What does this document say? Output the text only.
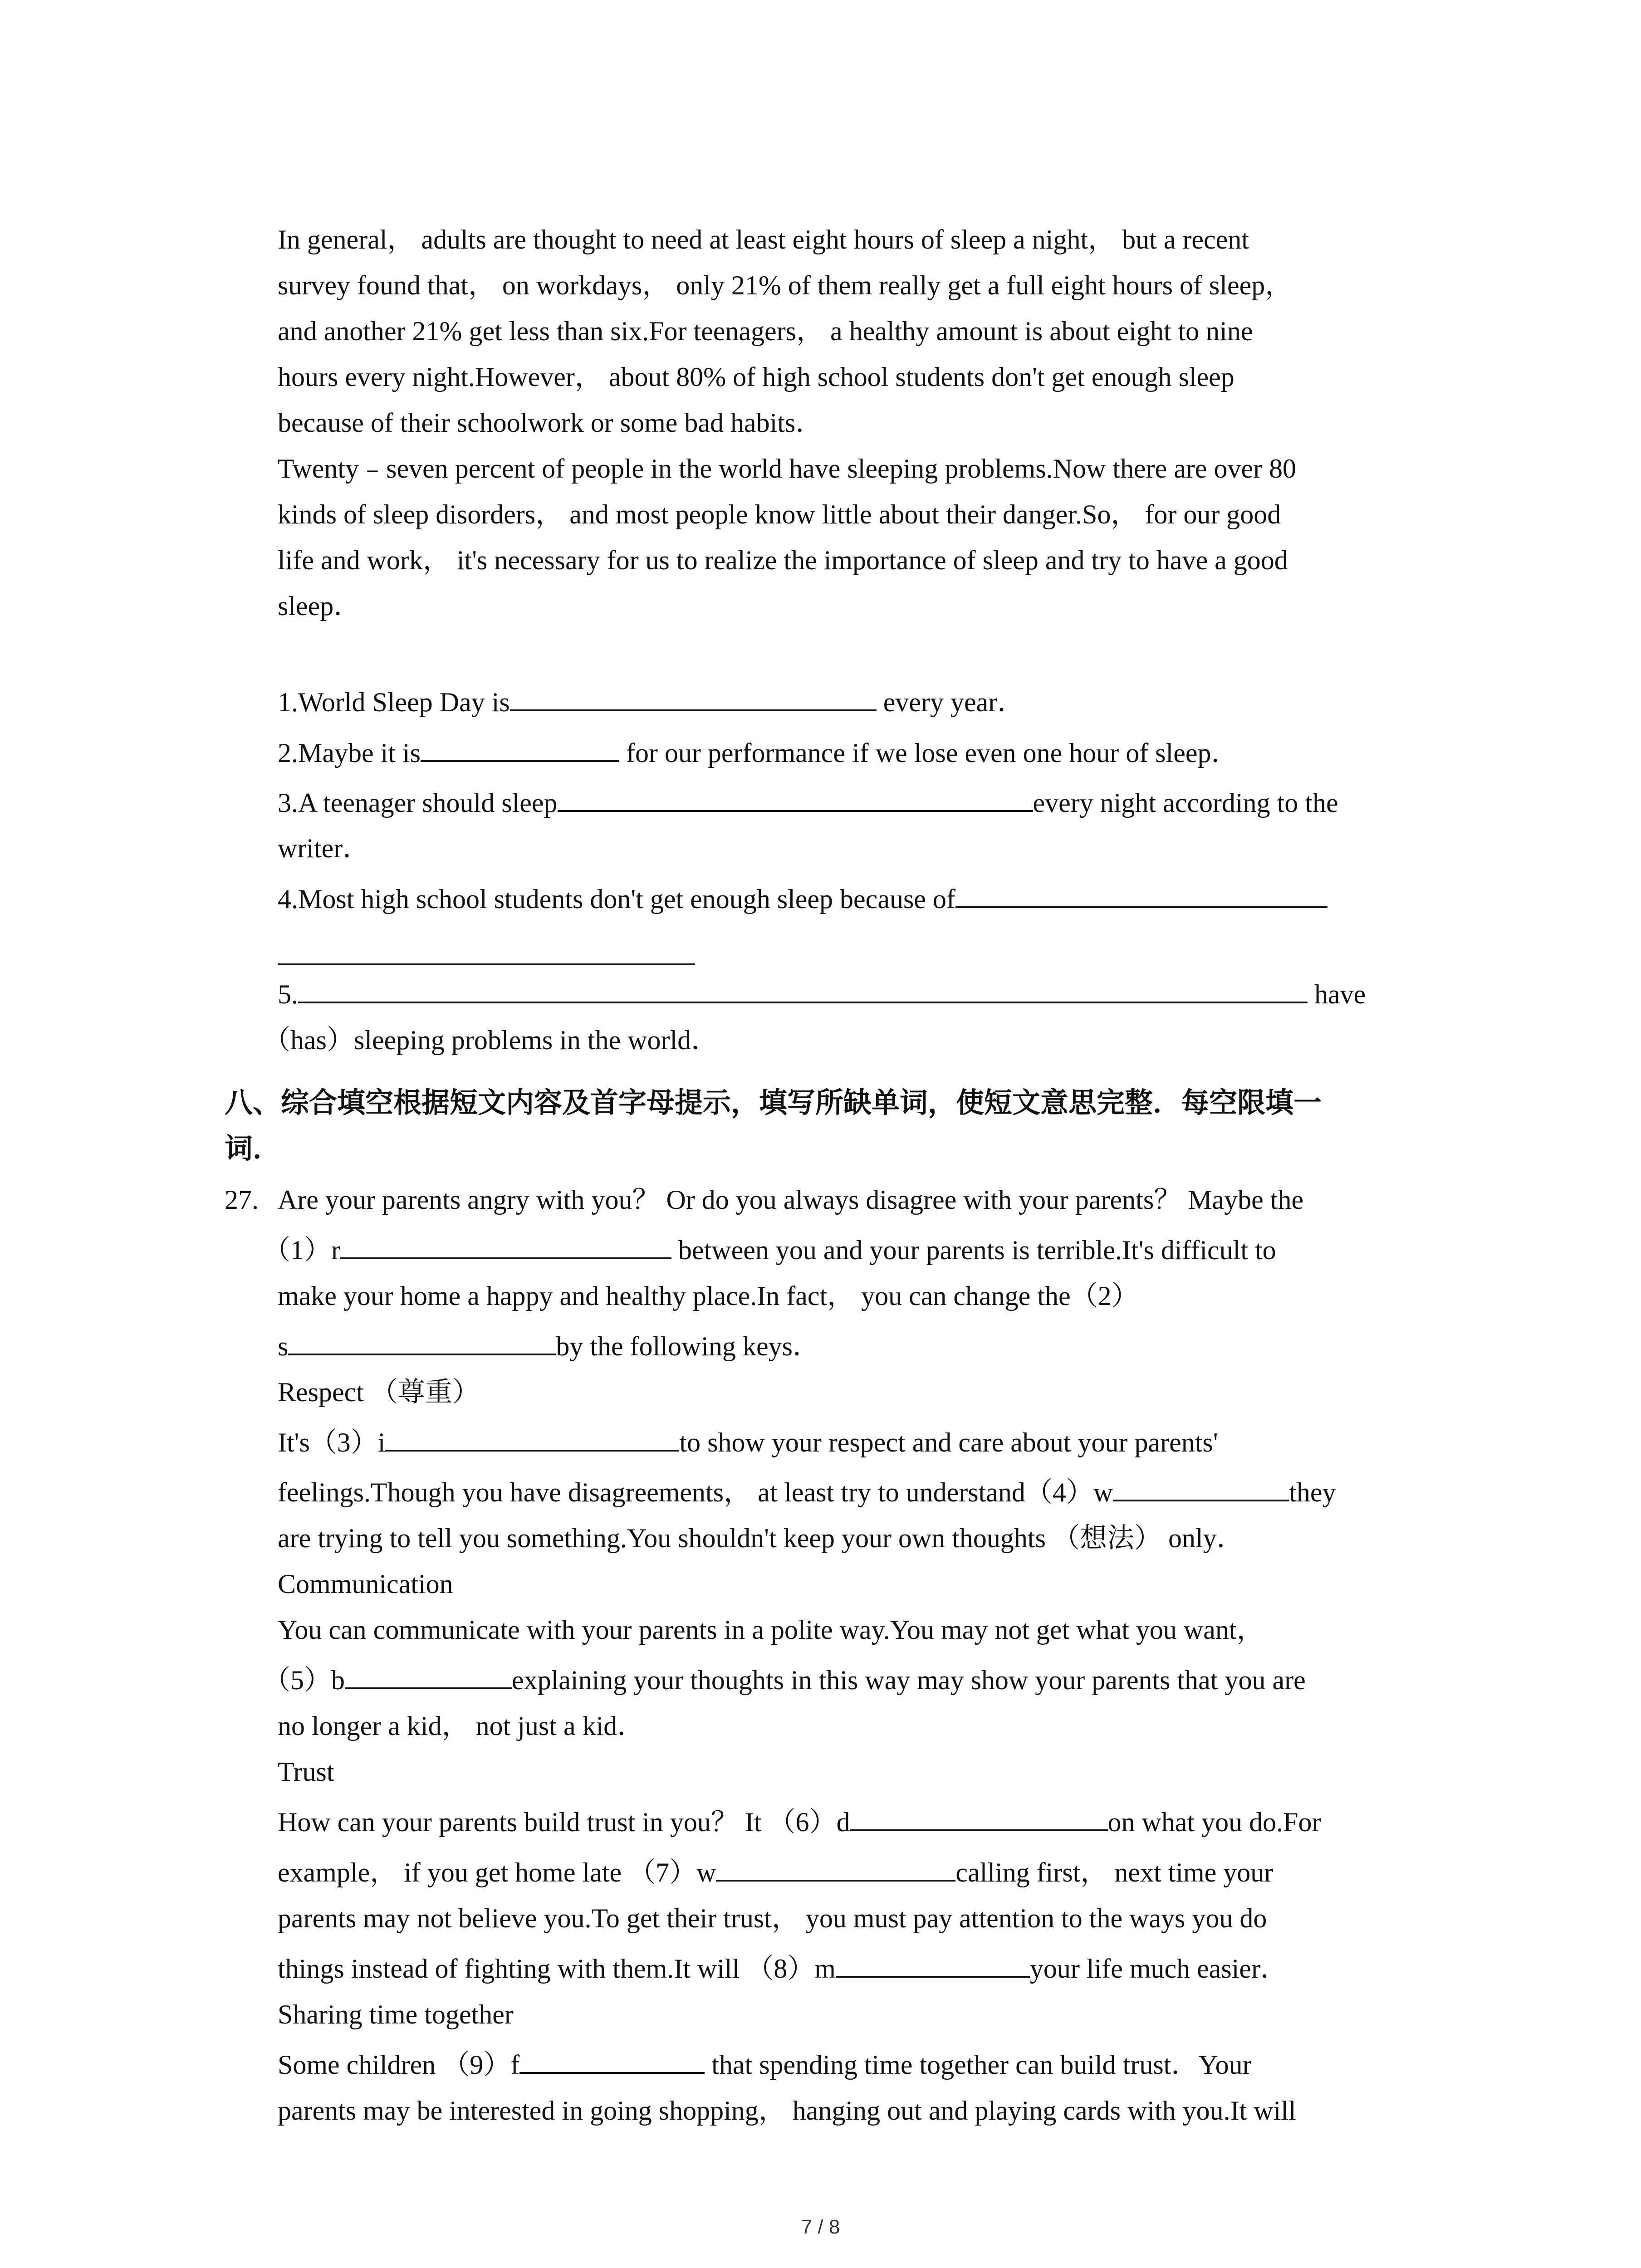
In general， adults are thought to need at least eight hours of sleep a night， but a recent
survey found that， on workdays， only 21% of them really get a full eight hours of sleep，
and another 21% get less than six.For teenagers， a healthy amount is about eight to nine
hours every night.However， about 80% of high school students don't get enough sleep
because of their schoolwork or some bad habits．
Twenty﹣seven percent of people in the world have sleeping problems.Now there are over 80
kinds of sleep disorders， and most people know little about their danger.So， for our good
life and work， it's necessary for us to realize the importance of sleep and try to have a good
sleep．
1.World Sleep Day is	every year．
2.Maybe it is	for our performance if we lose even one hour of sleep．
3.A teenager should sleep	every night according to the
writer．
4.Most high school students don't get enough sleep because of
5.	have
（has）sleeping problems in the world．
八、综合填空根据短文内容及首字母提示，填写所缺单词，使短文意思完整．每空限填一
词．
27. Are your parents angry with you？ Or do you always disagree with your parents？ Maybe the
（1）r	between you and your parents is terrible.It's difficult to
make your home a happy and healthy place.In fact， you can change the（2）
s	by the following keys．
Respect （尊重）
It's（3）i	to show your respect and care about your parents'
feelings.Though you have disagreements， at least try to understand（4）w	they
are trying to tell you something.You shouldn't keep your own thoughts （想法） only．
Communication
You can communicate with your parents in a polite way.You may not get what you want，
（5）b	explaining your thoughts in this way may show your parents that you are
no longer a kid， not just a kid．
Trust
How can your parents build trust in you？ It （6）d	on what you do.For
example， if you get home late （7）w	calling first， next time your
parents may not believe you.To get their trust， you must pay attention to the ways you do
things instead of fighting with them.It will （8）m	your life much easier．
Sharing time together
Some children （9）f	that spending time together can build trust．Your
parents may be interested in going shopping， hanging out and playing cards with you.It will
7 / 8
